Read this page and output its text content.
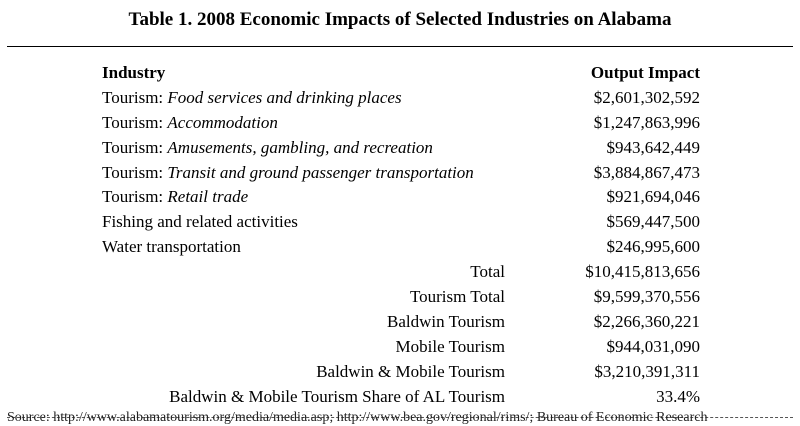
Table 1. 2008 Economic Impacts of Selected Industries on Alabama
Industry	Output Impact
Tourism: Food services and drinking places	$2,601,302,592
Tourism: Accommodation	$1,247,863,996
Tourism: Amusements, gambling, and recreation	$943,642,449
Tourism: Transit and ground passenger transportation	$3,884,867,473
Tourism: Retail trade	$921,694,046
Fishing and related activities	$569,447,500
Water transportation	$246,995,600
Total	$10,415,813,656
Tourism Total	$9,599,370,556
Baldwin Tourism	$2,266,360,221
Mobile Tourism	$944,031,090
Baldwin & Mobile Tourism	$3,210,391,311
Baldwin & Mobile Tourism Share of AL Tourism	33.4%
Source: http://www.alabamatourism.org/media/media.asp; http://www.bea.gov/regional/rims/; Bureau of Economic Research
